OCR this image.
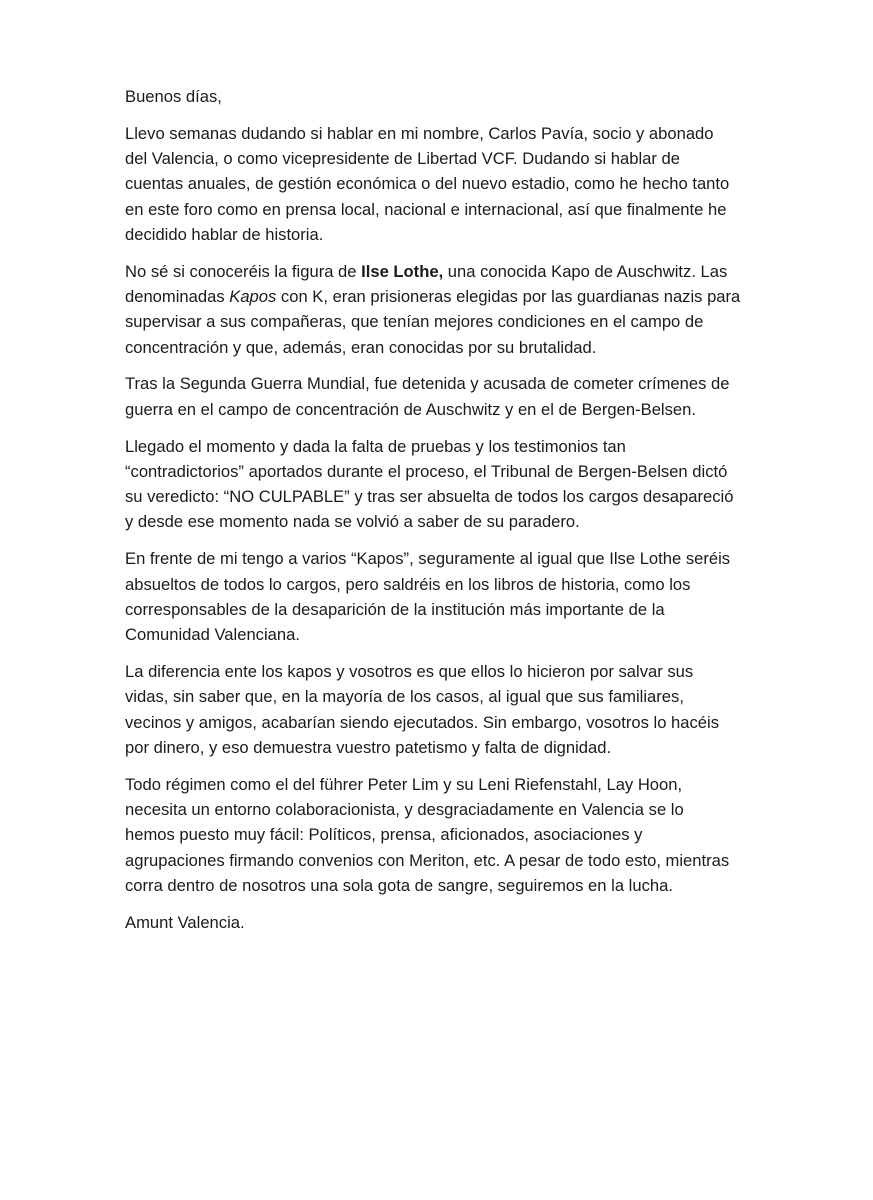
Buenos días,

Llevo semanas dudando si hablar en mi nombre, Carlos Pavía, socio y abonado
del Valencia, o como vicepresidente de Libertad VCF. Dudando si hablar de
cuentas anuales, de gestión económica o del nuevo estadio, como he hecho tanto
en este foro como en prensa local, nacional e internacional, así que finalmente he
decidido hablar de historia.

No sé si conoceréis la figura de Ilse Lothe, una conocida Kapo de Auschwitz. Las
denominadas Kapos con K, eran prisioneras elegidas por las guardianas nazis para
supervisar a sus compañeras, que tenían mejores condiciones en el campo de
concentración y que, además, eran conocidas por su brutalidad.

Tras la Segunda Guerra Mundial, fue detenida y acusada de cometer crímenes de
guerra en el campo de concentración de Auschwitz y en el de Bergen-Belsen.

Llegado el momento y dada la falta de pruebas y los testimonios tan
“contradictorios” aportados durante el proceso, el Tribunal de Bergen-Belsen dictó
su veredicto: “NO CULPABLE” y tras ser absuelta de todos los cargos desapareció
y desde ese momento nada se volvió a saber de su paradero.

En frente de mi tengo a varios “Kapos”, seguramente al igual que Ilse Lothe seréis
absueltos de todos lo cargos, pero saldréis en los libros de historia, como los
corresponsables de la desaparición de la institución más importante de la
Comunidad Valenciana.

La diferencia ente los kapos y vosotros es que ellos lo hicieron por salvar sus
vidas, sin saber que, en la mayoría de los casos, al igual que sus familiares,
vecinos y amigos, acabarían siendo ejecutados. Sin embargo, vosotros lo hacéis
por dinero, y eso demuestra vuestro patetismo y falta de dignidad.

Todo régimen como el del führer Peter Lim y su Leni Riefenstahl, Lay Hoon,
necesita un entorno colaboracionista, y desgraciadamente en Valencia se lo
hemos puesto muy fácil: Políticos, prensa, aficionados, asociaciones y
agrupaciones firmando convenios con Meriton, etc. A pesar de todo esto, mientras
corra dentro de nosotros una sola gota de sangre, seguiremos en la lucha.

Amunt Valencia.
